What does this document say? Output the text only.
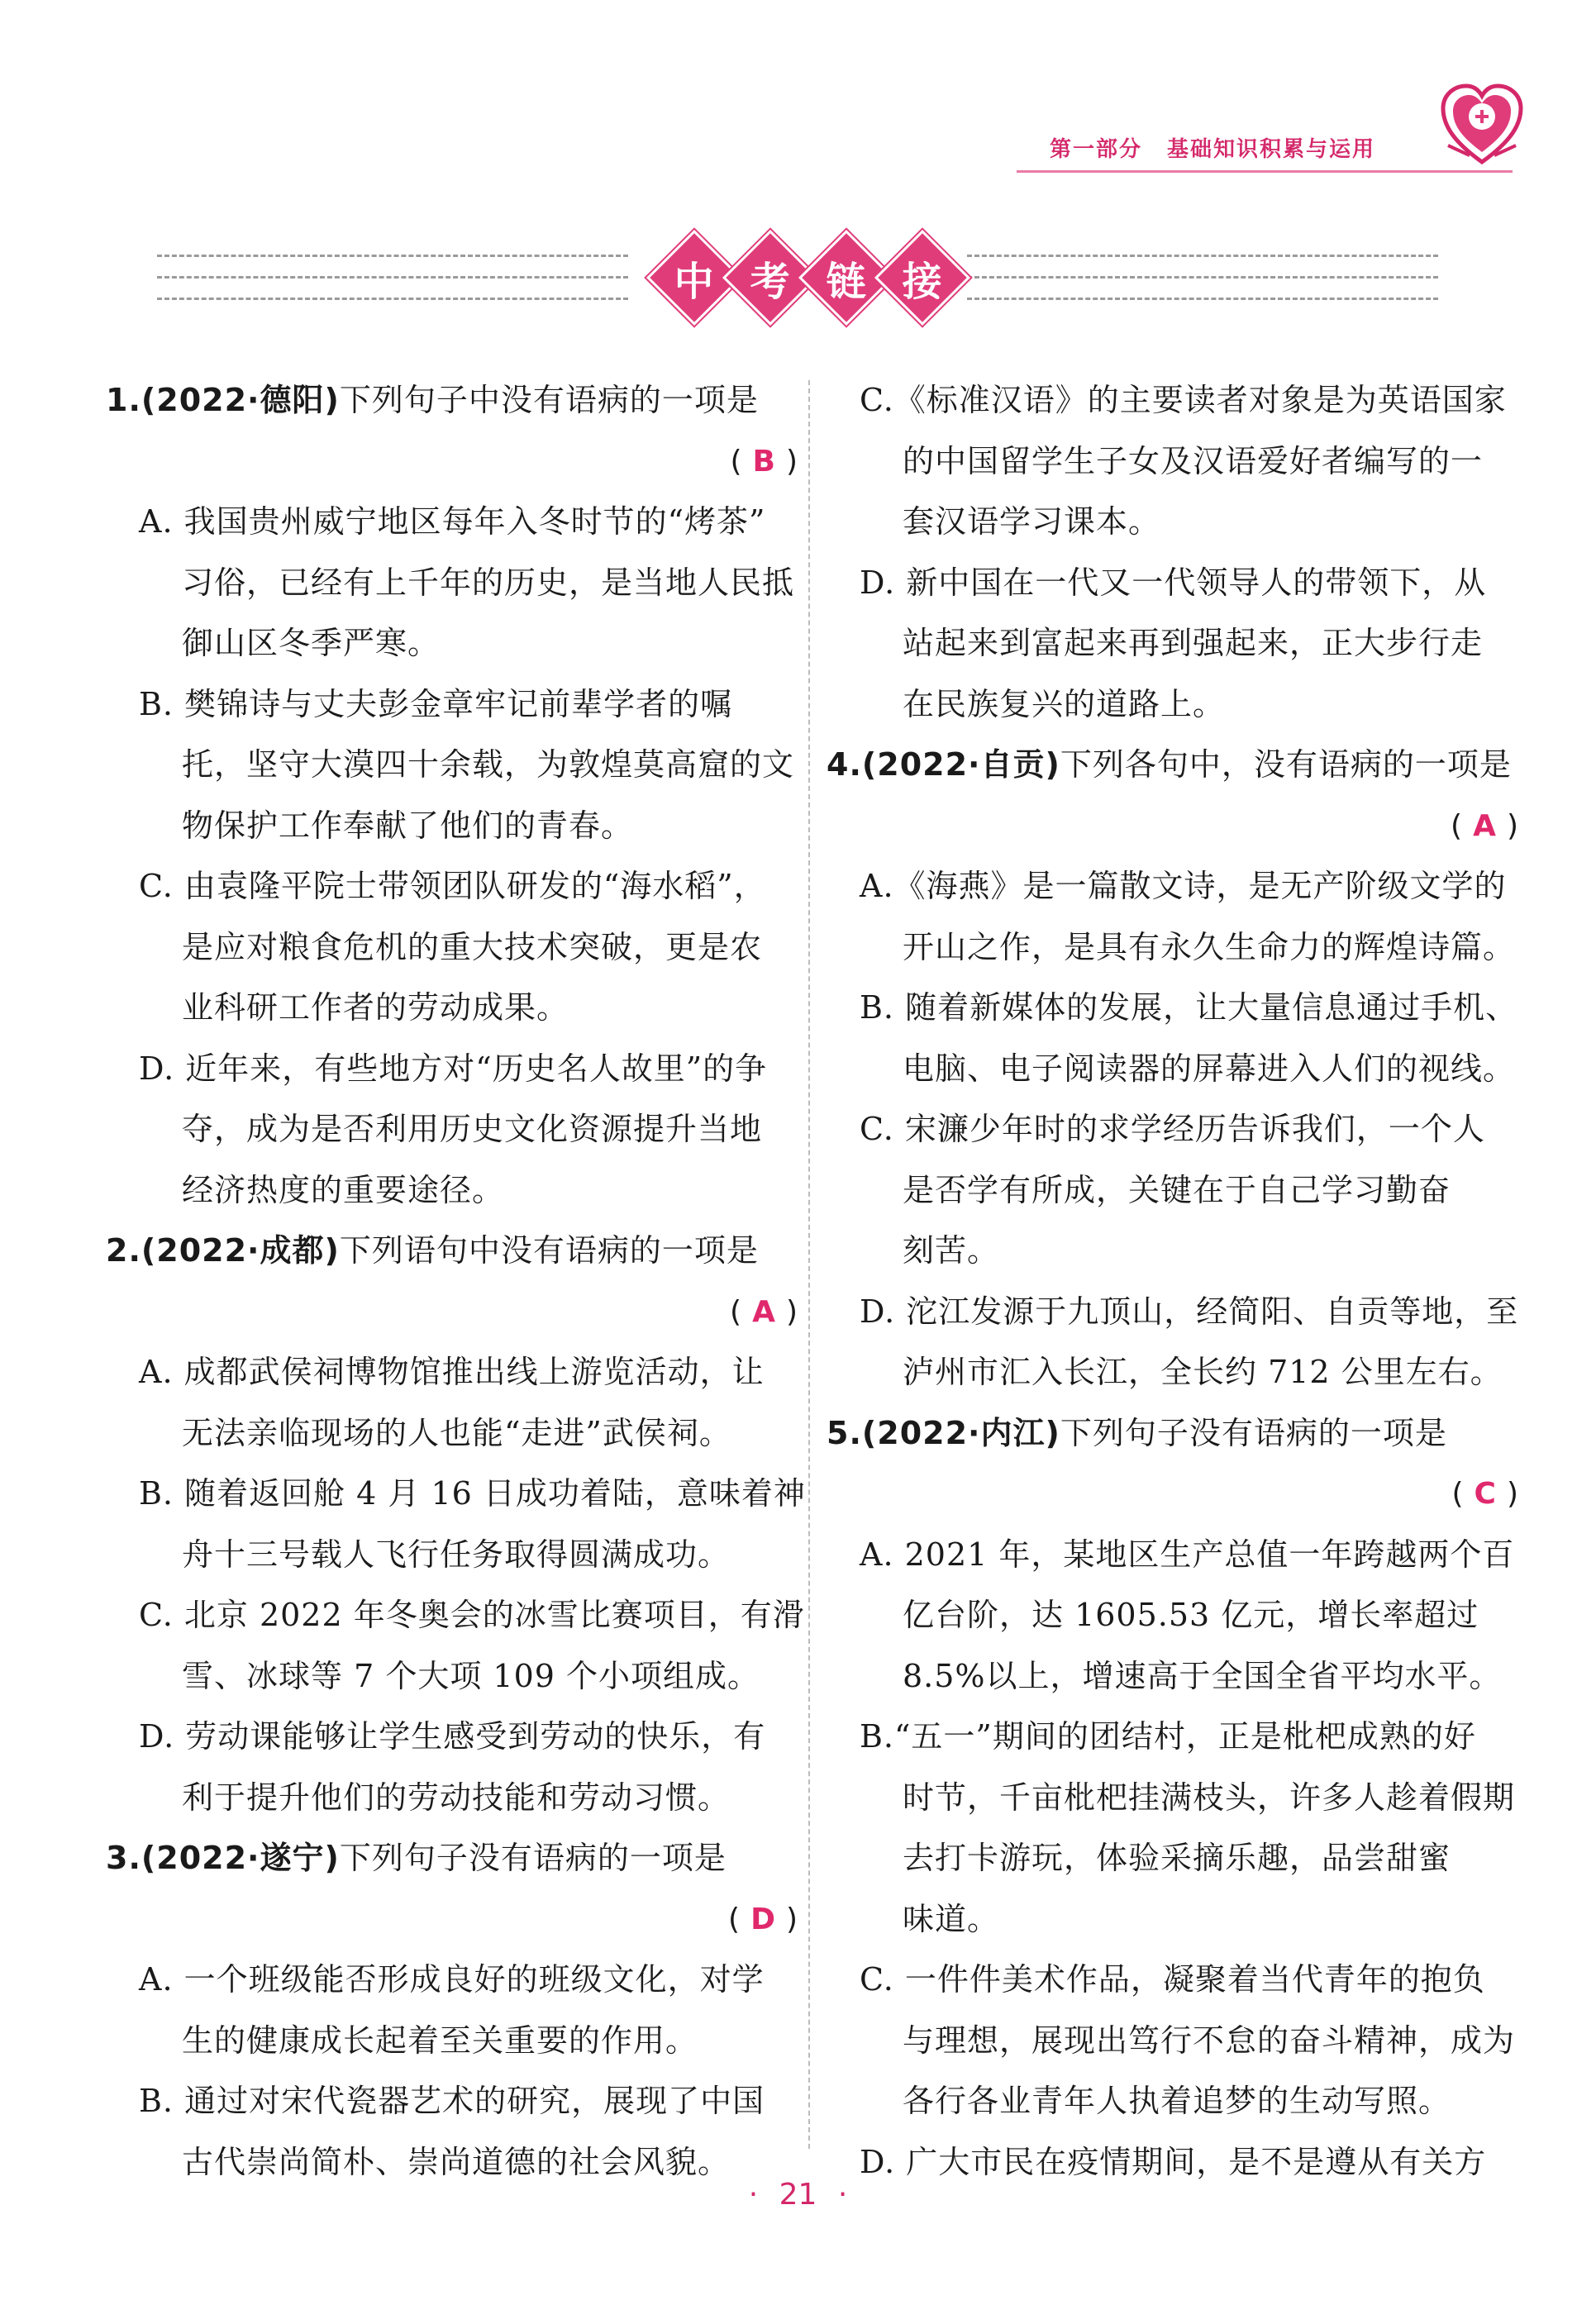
第一部分 基础知识积累与运用
中 考 链 接
1.(2022·德阳)下列句子中没有语病的一项是
( B )
A. 我国贵州威宁地区每年入冬时节的“烤茶”
习俗，已经有上千年的历史，是当地人民抵
御山区冬季严寒。
B. 樊锦诗与丈夫彭金章牢记前辈学者的嘱
托，坚守大漠四十余载，为敦煌莫高窟的文
物保护工作奉献了他们的青春。
C. 由袁隆平院士带领团队研发的“海水稻”，
是应对粮食危机的重大技术突破，更是农
业科研工作者的劳动成果。
D. 近年来，有些地方对“历史名人故里”的争
夺，成为是否利用历史文化资源提升当地
经济热度的重要途径。
2.(2022·成都)下列语句中没有语病的一项是
( A )
A. 成都武侯祠博物馆推出线上游览活动，让
无法亲临现场的人也能“走进”武侯祠。
B. 随着返回舱 4 月 16 日成功着陆，意味着神
舟十三号载人飞行任务取得圆满成功。
C. 北京 2022 年冬奥会的冰雪比赛项目，有滑
雪、冰球等 7 个大项 109 个小项组成。
D. 劳动课能够让学生感受到劳动的快乐，有
利于提升他们的劳动技能和劳动习惯。
3.(2022·遂宁)下列句子没有语病的一项是
( D )
A. 一个班级能否形成良好的班级文化，对学
生的健康成长起着至关重要的作用。
B. 通过对宋代瓷器艺术的研究，展现了中国
古代崇尚简朴、崇尚道德的社会风貌。
C.《标准汉语》的主要读者对象是为英语国家
的中国留学生子女及汉语爱好者编写的一
套汉语学习课本。
D. 新中国在一代又一代领导人的带领下，从
站起来到富起来再到强起来，正大步行走
在民族复兴的道路上。
4.(2022·自贡)下列各句中，没有语病的一项是
( A )
A.《海燕》是一篇散文诗，是无产阶级文学的
开山之作，是具有永久生命力的辉煌诗篇。
B. 随着新媒体的发展，让大量信息通过手机、
电脑、电子阅读器的屏幕进入人们的视线。
C. 宋濂少年时的求学经历告诉我们，一个人
是否学有所成，关键在于自己学习勤奋
刻苦。
D. 沱江发源于九顶山，经简阳、自贡等地，至
泸州市汇入长江，全长约 712 公里左右。
5.(2022·内江)下列句子没有语病的一项是
( C )
A. 2021 年，某地区生产总值一年跨越两个百
亿台阶，达 1605.53 亿元，增长率超过
8.5%以上，增速高于全国全省平均水平。
B.“五一”期间的团结村，正是枇杷成熟的好
时节，千亩枇杷挂满枝头，许多人趁着假期
去打卡游玩，体验采摘乐趣，品尝甜蜜
味道。
C. 一件件美术作品，凝聚着当代青年的抱负
与理想，展现出笃行不怠的奋斗精神，成为
各行各业青年人执着追梦的生动写照。
D. 广大市民在疫情期间，是不是遵从有关方
· 21 ·
